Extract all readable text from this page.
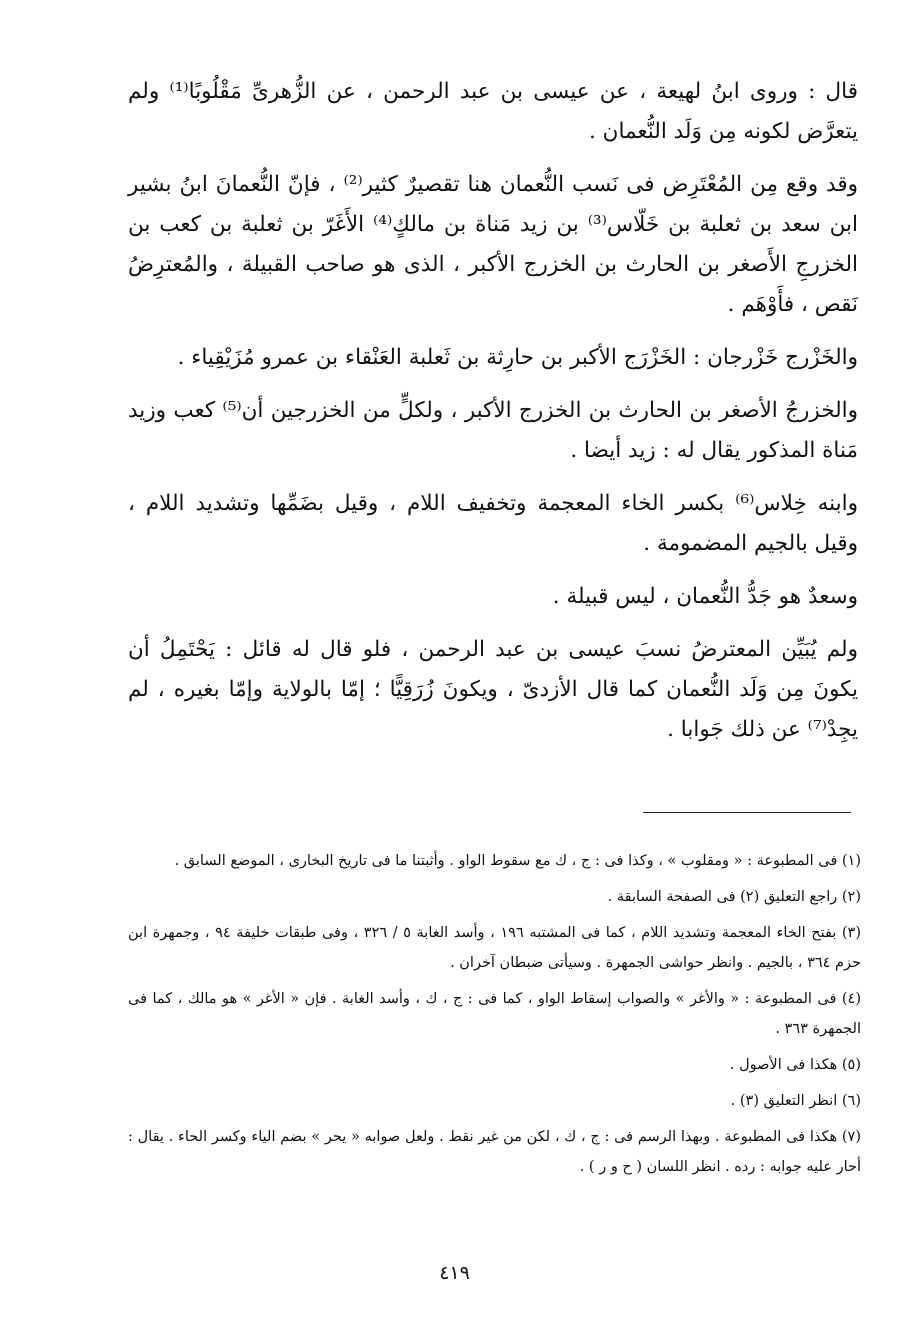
قال : وروى ابنُ لهيعة ، عن عيسى بن عبد الرحمن ، عن الزُّهرىِّ مَقْلُوبًا⁽¹⁾ ولم يتعرَّض لكونه مِن وَلَد النُّعمان .

وقد وقع مِن المُعْتَرِض فى نَسب النُّعمان هنا تقصيرٌ كثير⁽²⁾ ، فإنّ النُّعمانَ ابنُ بشير ابن سعد بن ثعلبة بن خَلّاس⁽³⁾ بن زيد مَناة بن مالكٍ⁽⁴⁾ الأَغَرّ بن ثعلبة بن كعب بن الخزرجِ الأَصغر بن الحارث بن الخزرج الأكبر ، الذى هو صاحب القبيلة ، والمُعترِضُ نَقص ، فأَوْهَم .

والخَزْرج خَزْرجان : الخَزْرَج الأكبر بن حارِثة بن ثَعلبة العَنْقاء بن عمرو مُزَيْقِياء .

والخزرجُ الأصغر بن الحارث بن الخزرج الأكبر ، ولكلٍّ من الخزرجين أن⁽⁵⁾ كعب وزيد مَناة المذكور يقال له : زيد أيضا .

وابنه خِلاس⁽⁶⁾ بكسر الخاء المعجمة وتخفيف اللام ، وقيل بضَمِّها وتشديد اللام ، وقيل بالجيم المضمومة .

وسعدٌ هو جَدُّ النُّعمان ، ليس قبيلة .

ولم يُبَيِّن المعترضُ نسبَ عيسى بن عبد الرحمن ، فلو قال له قائل : يَحْتَمِلُ أن يكونَ مِن وَلَد النُّعمان كما قال الأزدىّ ، ويكونَ زُرَقِيًّا ؛ إمّا بالولاية وإمّا بغيره ، لم يجِدْ⁽⁷⁾ عن ذلك جَوابا .

(١) فى المطبوعة : « ومقلوب » ، وكذا فى : ج ، ك مع سقوط الواو . وأثبتنا ما فى تاريخ البخارى ، الموضع السابق .

(٢) راجع التعليق (٢) فى الصفحة السابقة .

(٣) بفتح الخاء المعجمة وتشديد اللام ، كما فى المشتبه ١٩٦ ، وأسد الغابة ٥ / ٣٢٦ ، وفى طبقات خليفة ٩٤ ، وجمهرة ابن حزم ٣٦٤ ، بالجيم . وانظر حواشى الجمهرة . وسيأتى ضبطان آخران .

(٤) فى المطبوعة : « والأغر » والصواب إسقاط الواو ، كما فى : ج ، ك ، وأسد الغابة . فإن « الأغر » هو مالك ، كما فى الجمهرة ٣٦٣ .

(٥) هكذا فى الأصول .

(٦) انظر التعليق (٣) .

(٧) هكذا فى المطبوعة . وبهذا الرسم فى : ج ، ك ، لكن من غير نقط . ولعل صوابه « يحر » بضم الياء وكسر الحاء . يقال : أحار عليه جوابه : رده . انظر اللسان ( ح و ر ) .

٤١٩
